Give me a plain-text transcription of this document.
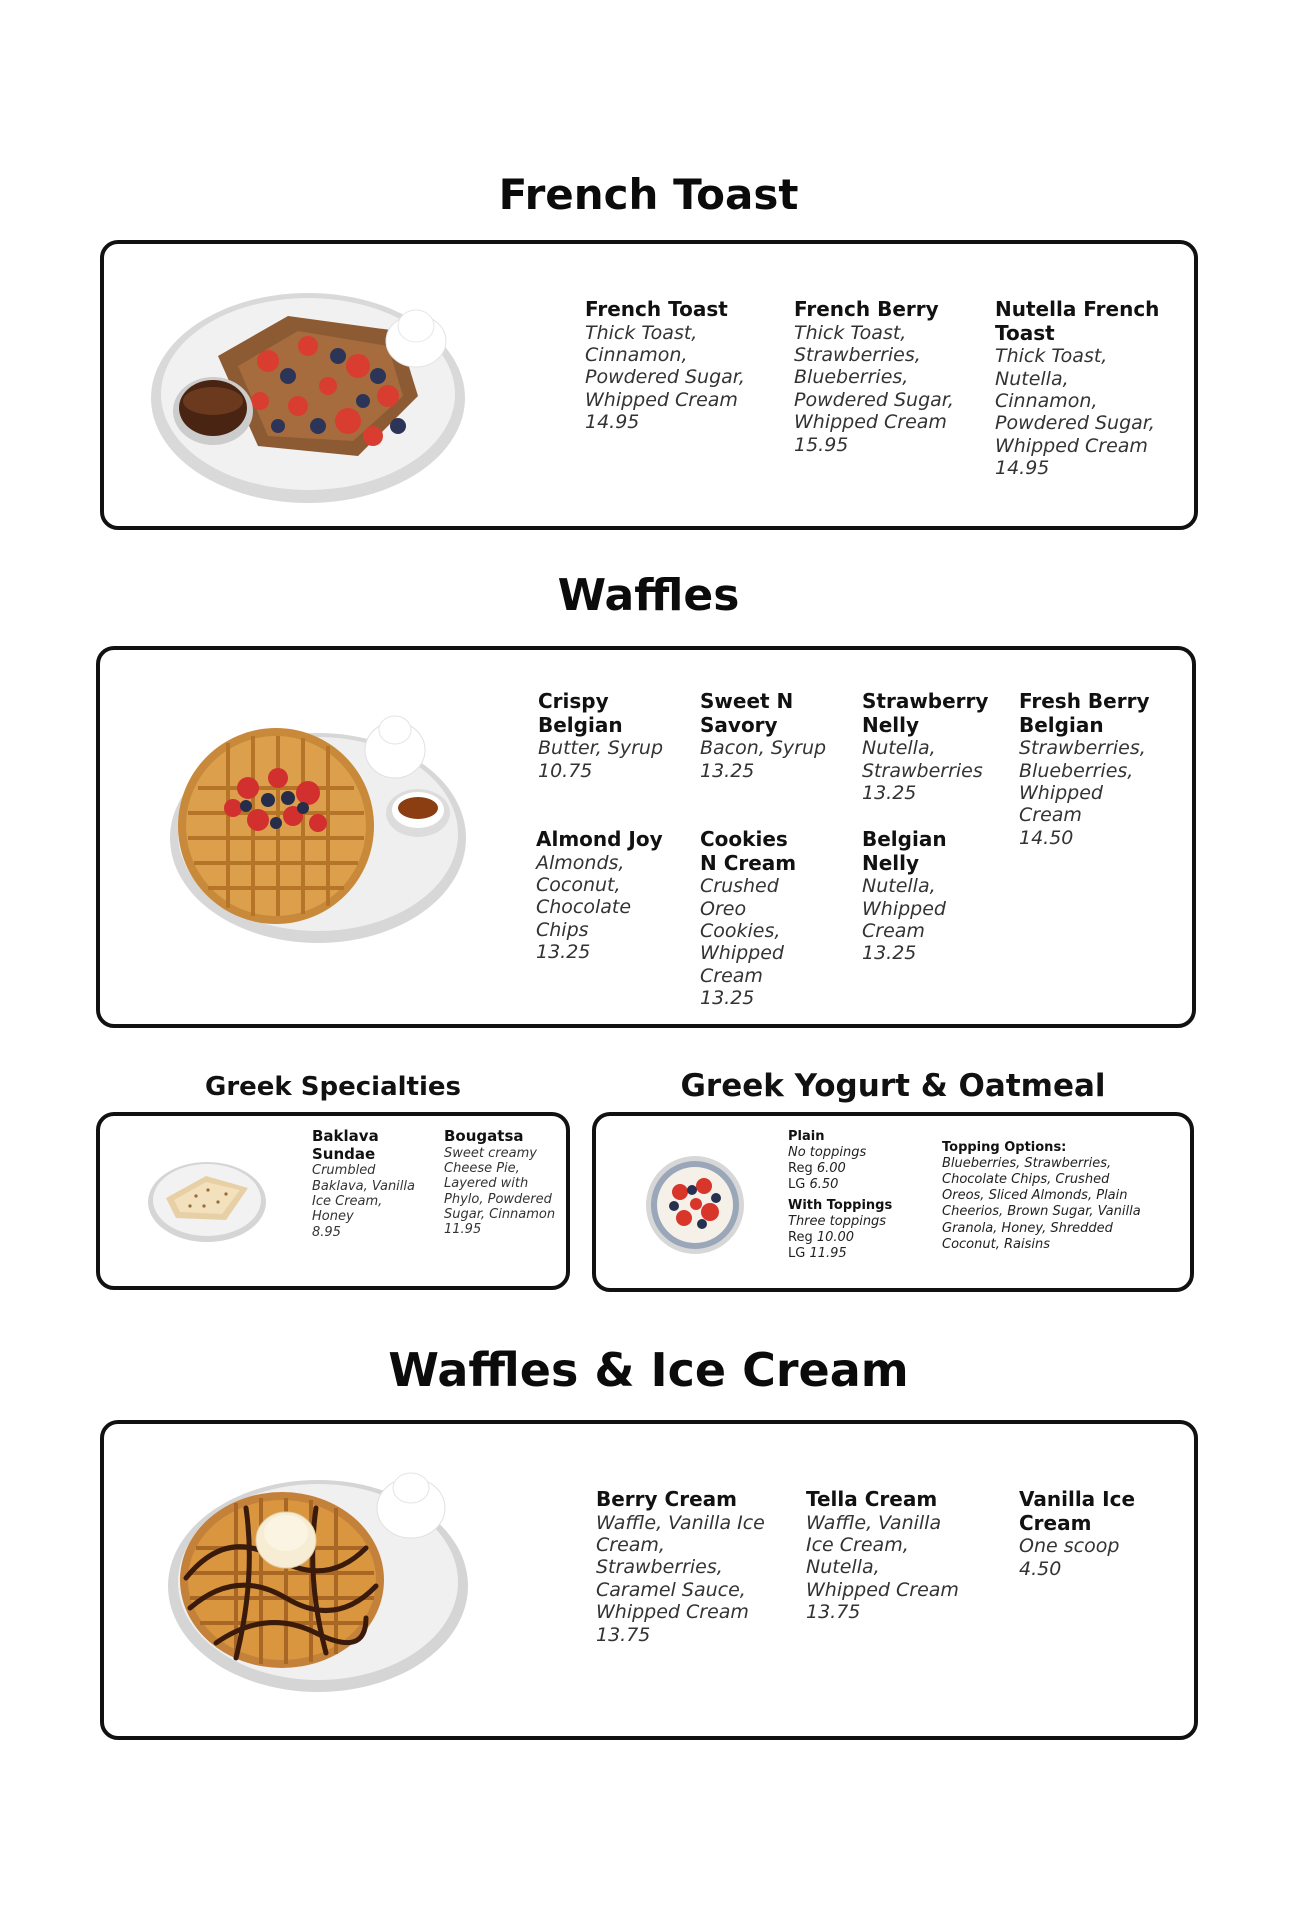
French Toast
French Toast
Thick Toast, Cinnamon, Powdered Sugar, Whipped Cream
14.95
French Berry
Thick Toast, Strawberries, Blueberries, Powdered Sugar, Whipped Cream
15.95
Nutella French Toast
Thick Toast, Nutella, Cinnamon, Powdered Sugar, Whipped Cream
14.95
Waffles
Crispy Belgian
Butter, Syrup
10.75
Sweet N Savory
Bacon, Syrup
13.25
Strawberry Nelly
Nutella, Strawberries
13.25
Fresh Berry Belgian
Strawberries, Blueberries, Whipped Cream
14.50
Almond Joy
Almonds, Coconut, Chocolate Chips
13.25
Cookies N Cream
Crushed Oreo Cookies, Whipped Cream
13.25
Belgian Nelly
Nutella, Whipped Cream
13.25
Greek Specialties
Baklava Sundae
Crumbled Baklava, Vanilla Ice Cream, Honey
8.95
Bougatsa
Sweet creamy Cheese Pie, Layered with Phylo, Powdered Sugar, Cinnamon
11.95
Greek Yogurt & Oatmeal
Plain
No toppings
Reg 6.00
LG 6.50
With Toppings
Three toppings
Reg 10.00
LG 11.95
Topping Options:
Blueberries, Strawberries, Chocolate Chips, Crushed Oreos, Sliced Almonds, Plain Cheerios, Brown Sugar, Vanilla Granola, Honey, Shredded Coconut, Raisins
Waffles & Ice Cream
Berry Cream
Waffle, Vanilla Ice Cream, Strawberries, Caramel Sauce, Whipped Cream
13.75
Tella Cream
Waffle, Vanilla Ice Cream, Nutella, Whipped Cream
13.75
Vanilla Ice Cream
One scoop
4.50
